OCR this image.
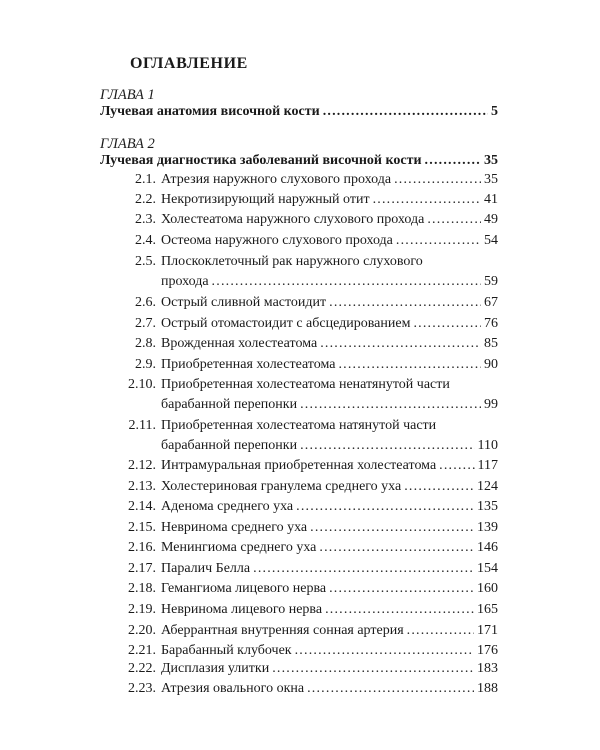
ОГЛАВЛЕНИЕ
ГЛАВА 1
Лучевая анатомия височной кости .....	5
ГЛАВА 2
Лучевая диагностика заболеваний височной кости .....	35
2.1. Атрезия наружного слухового прохода .....	35
2.2. Некротизирующий наружный отит .....	41
2.3. Холестеатома наружного слухового прохода .....	49
2.4. Остеома наружного слухового прохода .....	54
2.5. Плоскоклеточный рак наружного слухового
прохода .....	59
2.6. Острый сливной мастоидит .....	67
2.7. Острый отомастоидит с абсцедированием .....	76
2.8. Врожденная холестеатома .....	85
2.9. Приобретенная холестеатома .....	90
2.10. Приобретенная холестеатома ненатянутой части
барабанной перепонки .....	99
2.11. Приобретенная холестеатома натянутой части
барабанной перепонки .....	110
2.12. Интрамуральная приобретенная холестеатома .....	117
2.13. Холестериновая гранулема среднего уха .....	124
2.14. Аденома среднего уха .....	135
2.15. Невринома среднего уха .....	139
2.16. Менингиома среднего уха .....	146
2.17. Паралич Белла .....	154
2.18. Гемангиома лицевого нерва .....	160
2.19. Невринома лицевого нерва .....	165
2.20. Аберрантная внутренняя сонная артерия .....	171
2.21. Барабанный клубочек .....	176
2.22. Дисплазия улитки .....	183
2.23. Атрезия овального окна .....	188
